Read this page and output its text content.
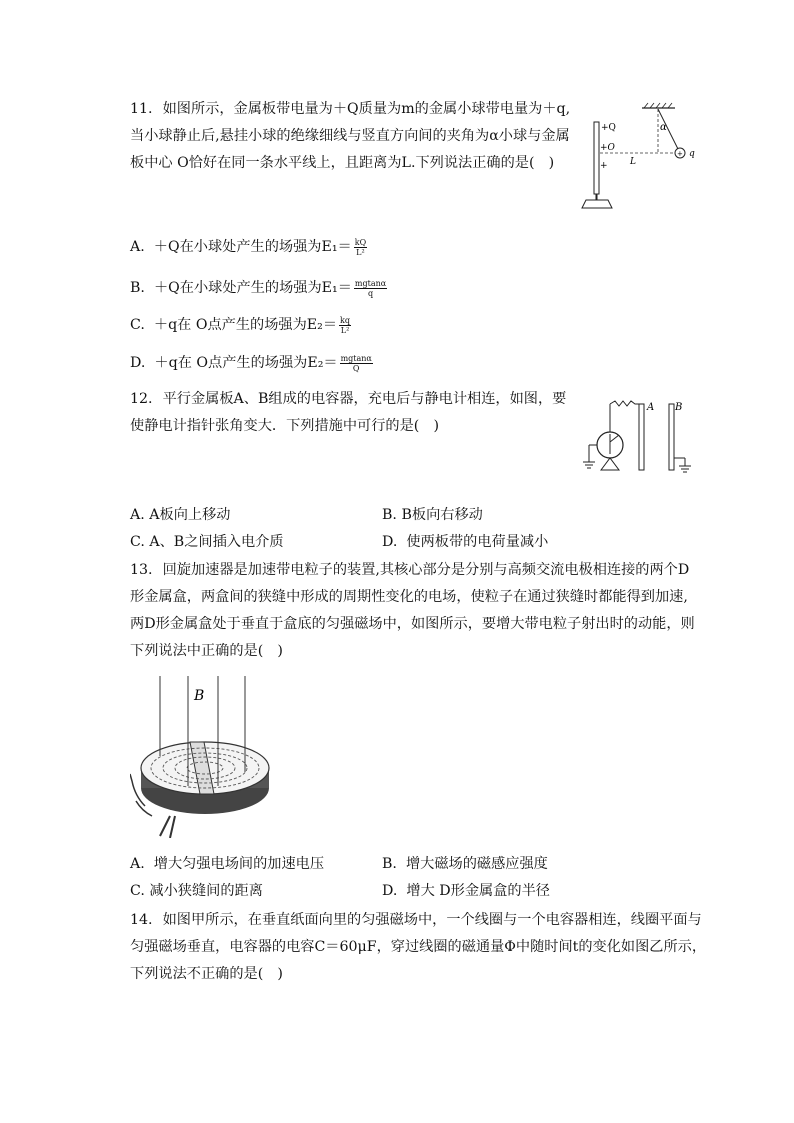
11. 如图所示，金属板带电量为＋Q质量为m的金属小球带电量为＋q,
当小球静止后,悬挂小球的绝缘细线与竖直方向间的夹角为α小球与金属
板中心 O恰好在同一条水平线上，且距离为L.下列说法正确的是(　)
+ q
α
+Q
+O
+ L
A. ＋Q在小球处产生的场强为$E_1= \frac{kQ}{\text{L²}}$
B. ＋Q在小球处产生的场强为$E_1= \frac{mgtan\alpha}{q}$
C. ＋q在 O点产生的场强为$E_2= \frac{kq}{\text{L²}}$
D. ＋q在 O点产生的场强为$E_2= \frac{mgtan\alpha}{Q}$
12. 平行金属板A、B组成的电容器，充电后与静电计相连，如图，要
使静电计指针张角变大．下列措施中可行的是(　)
A B
A. A板向上移动	B. B板向右移动
C. A、B之间插入电介质	D. 使两板带的电荷量减小
13. 回旋加速器是加速带电粒子的装置,其核心部分是分别与高频交流电极相连接的两个D
形金属盒，两盒间的狭缝中形成的周期性变化的电场，使粒子在通过狭缝时都能得到加速,
两D形金属盒处于垂直于盒底的匀强磁场中，如图所示，要增大带电粒子射出时的动能，则
下列说法中正确的是(　)
B
A. 增大匀强电场间的加速电压	B. 增大磁场的磁感应强度
C. 减小狭缝间的距离	D. 增大 D形金属盒的半径
14. 如图甲所示，在垂直纸面向里的匀强磁场中，一个线圈与一个电容器相连，线圈平面与
匀强磁场垂直，电容器的电容C＝60μF，穿过线圈的磁通量Φ中随时间t的变化如图乙所示，
下列说法不正确的是(　)
